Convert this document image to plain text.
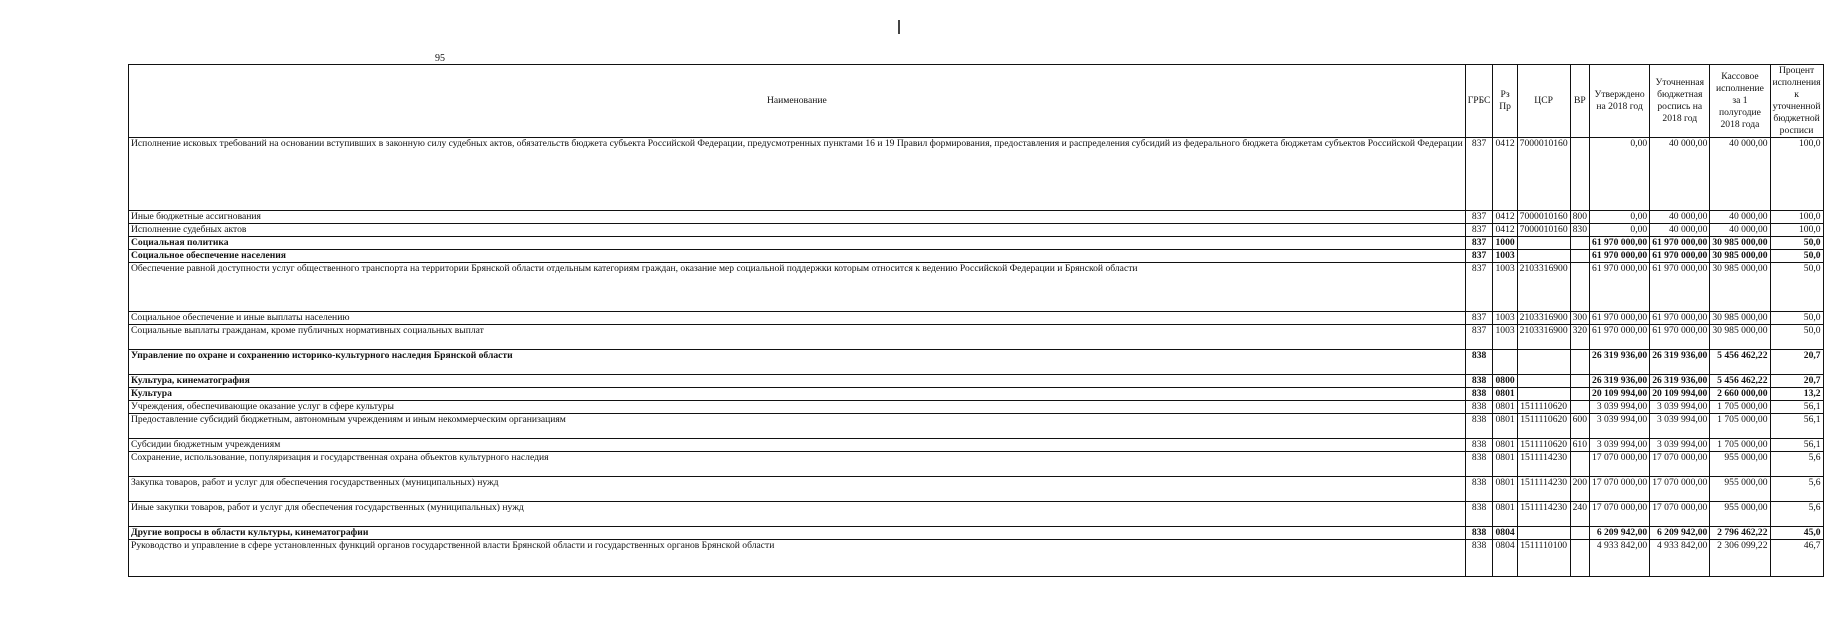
95
Наименование	ГРБС	Рз Пр	ЦСР	ВР	Утверждено на 2018 год	Уточненная бюджетная роспись на 2018 год	Кассовое исполнение за 1 полугодие 2018 года	Процент исполнения к уточненной бюджетной росписи
Исполнение исковых требований на основании вступивших в законную силу судебных актов, обязательств бюджета субъекта Российской Федерации, предусмотренных пунктами 16 и 19 Правил формирования, предоставления и распределения субсидий из федерального бюджета бюджетам субъектов Российской Федерации	837	0412	7000010160		0,00	40 000,00	40 000,00	100,0
Иные бюджетные ассигнования	837	0412	7000010160	800	0,00	40 000,00	40 000,00	100,0
Исполнение судебных актов	837	0412	7000010160	830	0,00	40 000,00	40 000,00	100,0
Социальная политика	837	1000			61 970 000,00	61 970 000,00	30 985 000,00	50,0
Социальное обеспечение населения	837	1003			61 970 000,00	61 970 000,00	30 985 000,00	50,0
Обеспечение равной доступности услуг общественного транспорта на территории Брянской области отдельным категориям граждан, оказание мер социальной поддержки которым относится к ведению Российской Федерации и Брянской области	837	1003	2103316900		61 970 000,00	61 970 000,00	30 985 000,00	50,0
Социальное обеспечение и иные выплаты населению	837	1003	2103316900	300	61 970 000,00	61 970 000,00	30 985 000,00	50,0
Социальные выплаты гражданам, кроме публичных нормативных социальных выплат	837	1003	2103316900	320	61 970 000,00	61 970 000,00	30 985 000,00	50,0
Управление по охране и сохранению историко-культурного наследия Брянской области	838				26 319 936,00	26 319 936,00	5 456 462,22	20,7
Культура, кинематография	838	0800			26 319 936,00	26 319 936,00	5 456 462,22	20,7
Культура	838	0801			20 109 994,00	20 109 994,00	2 660 000,00	13,2
Учреждения, обеспечивающие оказание услуг в сфере культуры	838	0801	1511110620		3 039 994,00	3 039 994,00	1 705 000,00	56,1
Предоставление субсидий бюджетным, автономным учреждениям и иным некоммерческим организациям	838	0801	1511110620	600	3 039 994,00	3 039 994,00	1 705 000,00	56,1
Субсидии бюджетным учреждениям	838	0801	1511110620	610	3 039 994,00	3 039 994,00	1 705 000,00	56,1
Сохранение, использование, популяризация и государственная охрана объектов культурного наследия	838	0801	1511114230		17 070 000,00	17 070 000,00	955 000,00	5,6
Закупка товаров, работ и услуг для обеспечения государственных (муниципальных) нужд	838	0801	1511114230	200	17 070 000,00	17 070 000,00	955 000,00	5,6
Иные закупки товаров, работ и услуг для обеспечения государственных (муниципальных) нужд	838	0801	1511114230	240	17 070 000,00	17 070 000,00	955 000,00	5,6
Другие вопросы в области культуры, кинематографии	838	0804			6 209 942,00	6 209 942,00	2 796 462,22	45,0
Руководство и управление в сфере установленных функций органов государственной власти Брянской области и государственных органов Брянской области	838	0804	1511110100		4 933 842,00	4 933 842,00	2 306 099,22	46,7
